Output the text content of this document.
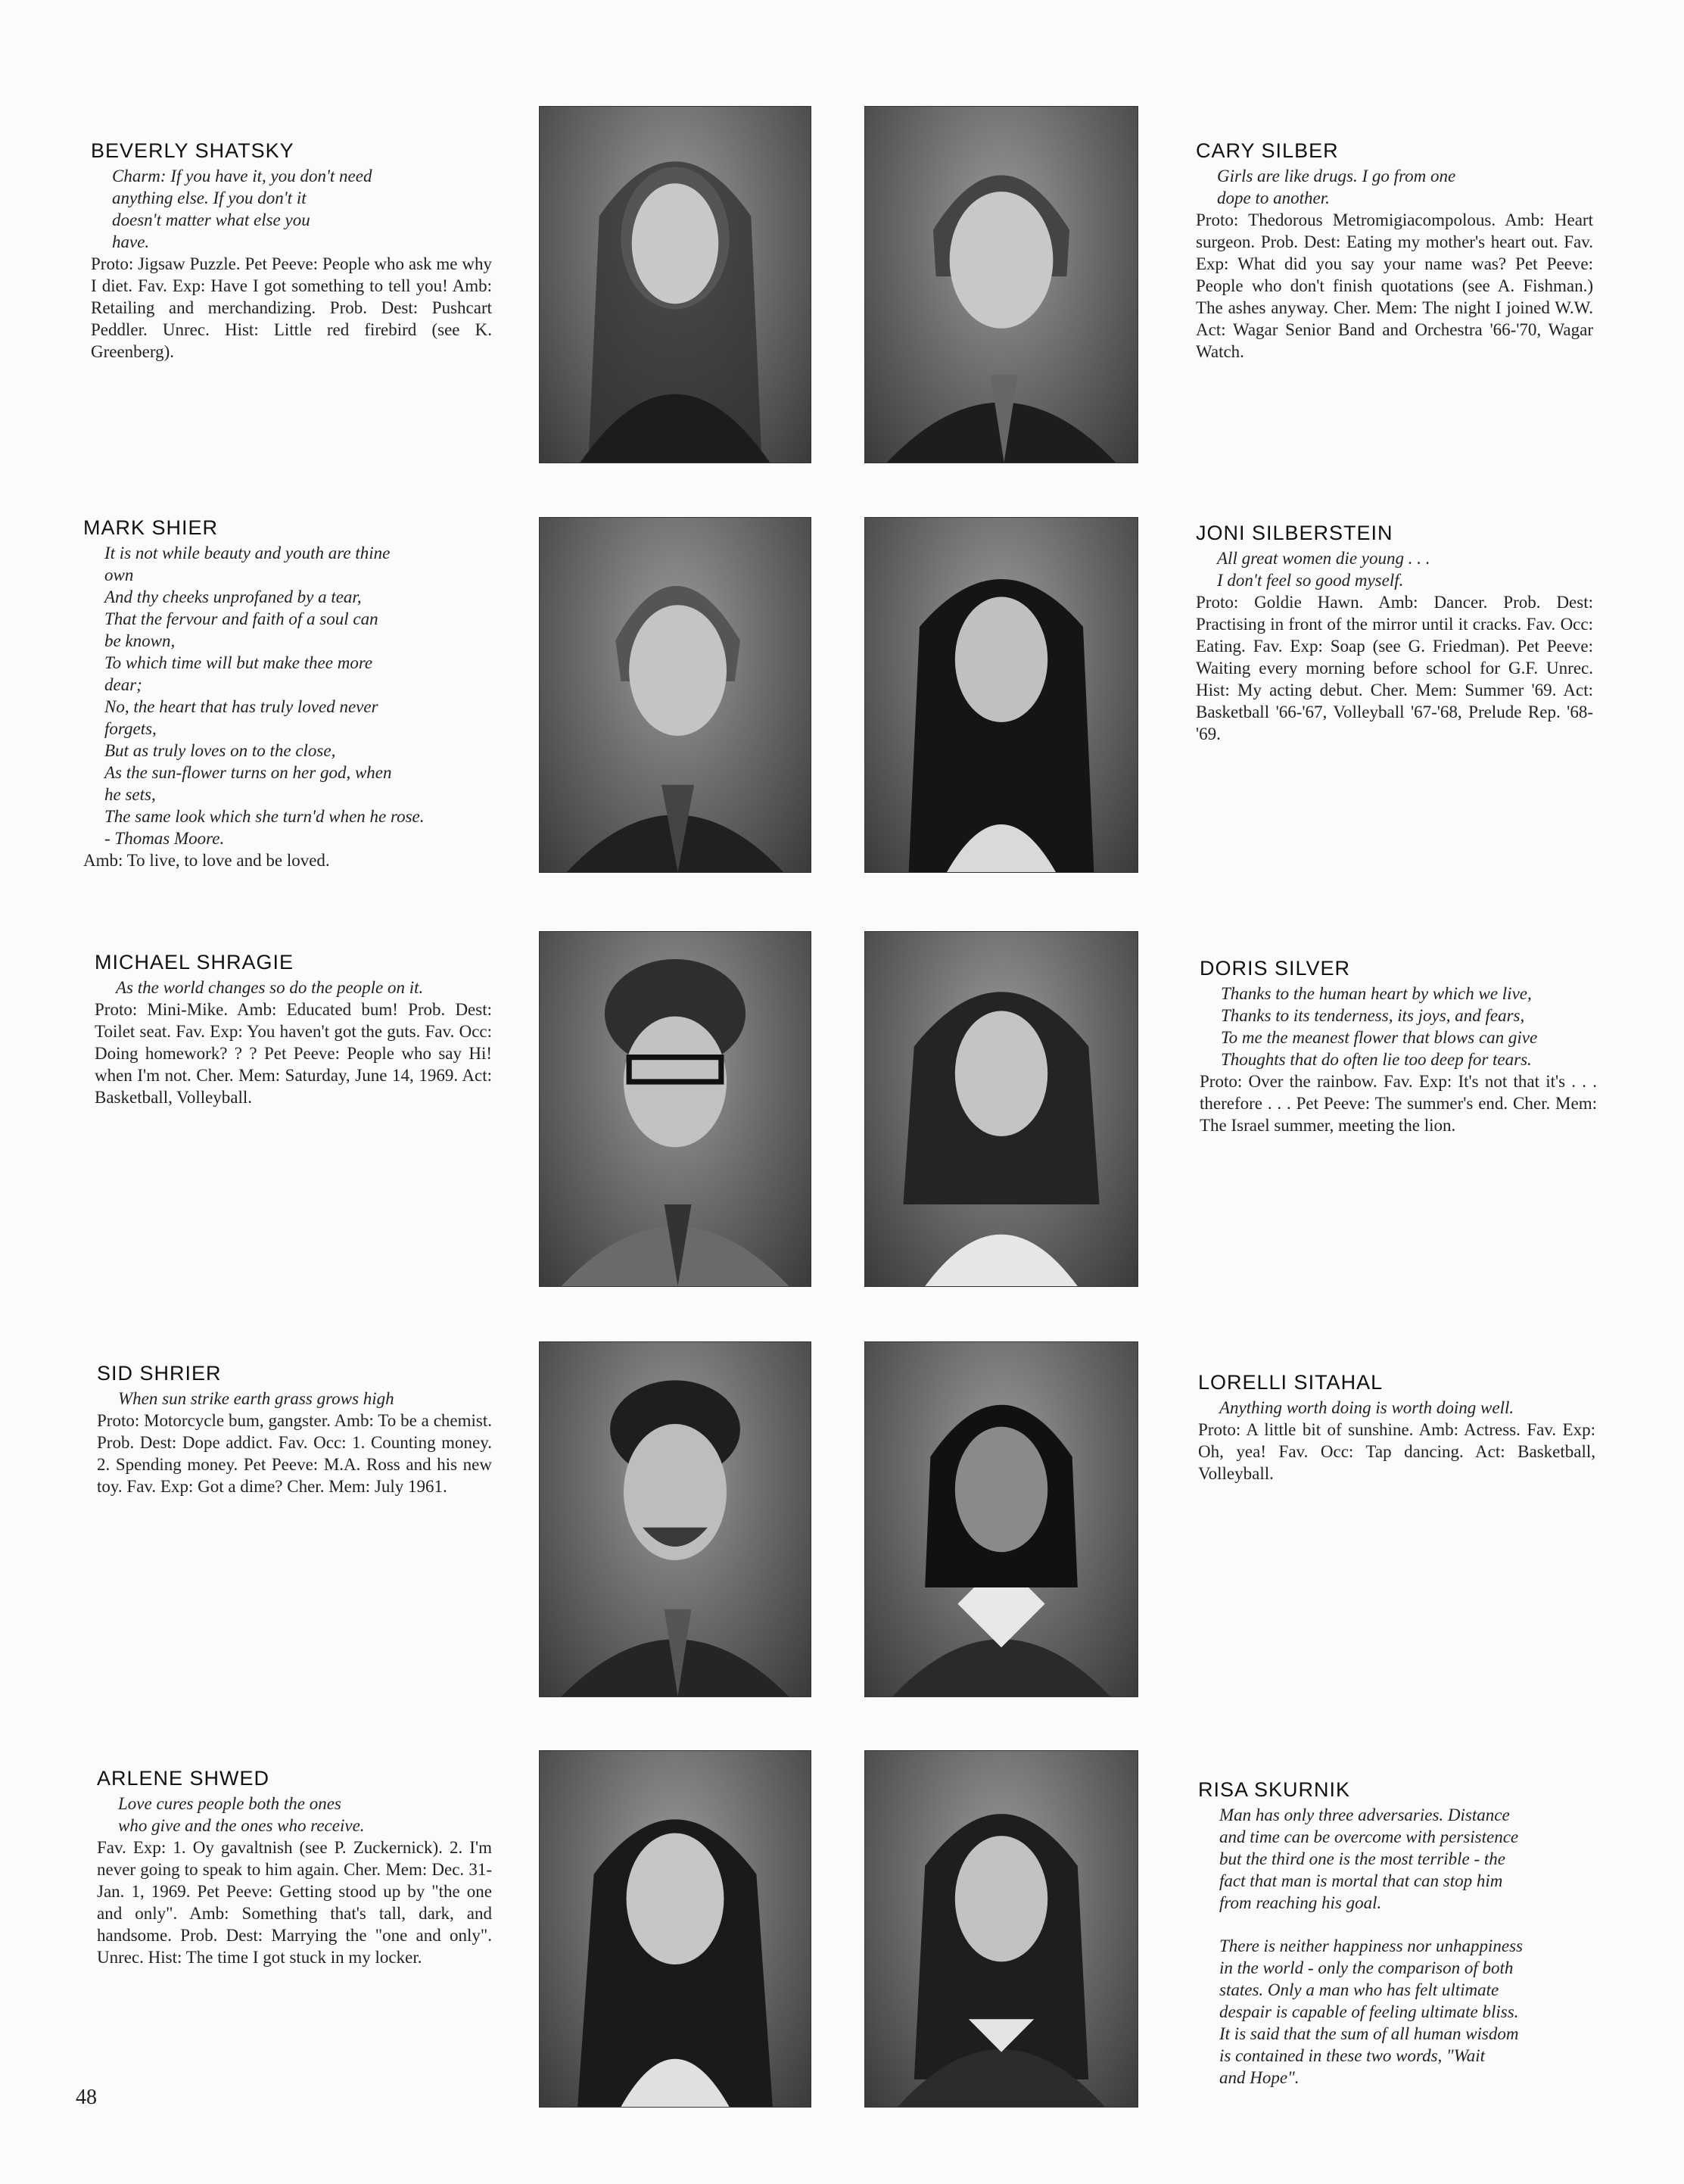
BEVERLY SHATSKY
Charm: If you have it, you don't need
anything else. If you don't it
doesn't matter what else you
have.
Proto: Jigsaw Puzzle. Pet Peeve: People who ask me why I diet. Fav. Exp: Have I got something to tell you! Amb: Retailing and merchandizing. Prob. Dest: Pushcart Peddler. Unrec. Hist: Little red firebird (see K. Greenberg).
MARK SHIER
It is not while beauty and youth are thine
own
And thy cheeks unprofaned by a tear,
That the fervour and faith of a soul can
be known,
To which time will but make thee more
dear;
No, the heart that has truly loved never
forgets,
But as truly loves on to the close,
As the sun-flower turns on her god, when
he sets,
The same look which she turn'd when he rose.
- Thomas Moore.
Amb: To live, to love and be loved.
MICHAEL SHRAGIE
As the world changes so do the people on it.
Proto: Mini-Mike. Amb: Educated bum! Prob. Dest: Toilet seat. Fav. Exp: You haven't got the guts. Fav. Occ: Doing homework? ? ? Pet Peeve: People who say Hi! when I'm not. Cher. Mem: Saturday, June 14, 1969. Act: Basketball, Volleyball.
SID SHRIER
When sun strike earth grass grows high
Proto: Motorcycle bum, gangster. Amb: To be a chemist. Prob. Dest: Dope addict. Fav. Occ: 1. Counting money. 2. Spending money. Pet Peeve: M.A. Ross and his new toy. Fav. Exp: Got a dime? Cher. Mem: July 1961.
ARLENE SHWED
Love cures people both the ones
who give and the ones who receive.
Fav. Exp: 1. Oy gavaltnish (see P. Zuckernick). 2. I'm never going to speak to him again. Cher. Mem: Dec. 31-Jan. 1, 1969. Pet Peeve: Getting stood up by "the one and only". Amb: Something that's tall, dark, and handsome. Prob. Dest: Marrying the "one and only". Unrec. Hist: The time I got stuck in my locker.
CARY SILBER
Girls are like drugs. I go from one
dope to another.
Proto: Thedorous Metromigiacompolous. Amb: Heart surgeon. Prob. Dest: Eating my mother's heart out. Fav. Exp: What did you say your name was? Pet Peeve: People who don't finish quotations (see A. Fishman.) The ashes anyway. Cher. Mem: The night I joined W.W. Act: Wagar Senior Band and Orchestra '66-'70, Wagar Watch.
JONI SILBERSTEIN
All great women die young . . .
I don't feel so good myself.
Proto: Goldie Hawn. Amb: Dancer. Prob. Dest: Practising in front of the mirror until it cracks. Fav. Occ: Eating. Fav. Exp: Soap (see G. Friedman). Pet Peeve: Waiting every morning before school for G.F. Unrec. Hist: My acting debut. Cher. Mem: Summer '69. Act: Basketball '66-'67, Volleyball '67-'68, Prelude Rep. '68-'69.
DORIS SILVER
Thanks to the human heart by which we live,
Thanks to its tenderness, its joys, and fears,
To me the meanest flower that blows can give
Thoughts that do often lie too deep for tears.
Proto: Over the rainbow. Fav. Exp: It's not that it's . . . therefore . . . Pet Peeve: The summer's end. Cher. Mem: The Israel summer, meeting the lion.
LORELLI SITAHAL
Anything worth doing is worth doing well.
Proto: A little bit of sunshine. Amb: Actress. Fav. Exp: Oh, yea! Fav. Occ: Tap dancing. Act: Basketball, Volleyball.
RISA SKURNIK
Man has only three adversaries. Distance
and time can be overcome with persistence
but the third one is the most terrible - the
fact that man is mortal that can stop him
from reaching his goal.
There is neither happiness nor unhappiness
in the world - only the comparison of both
states. Only a man who has felt ultimate
despair is capable of feeling ultimate bliss.
It is said that the sum of all human wisdom
is contained in these two words, "Wait
and Hope".
48
